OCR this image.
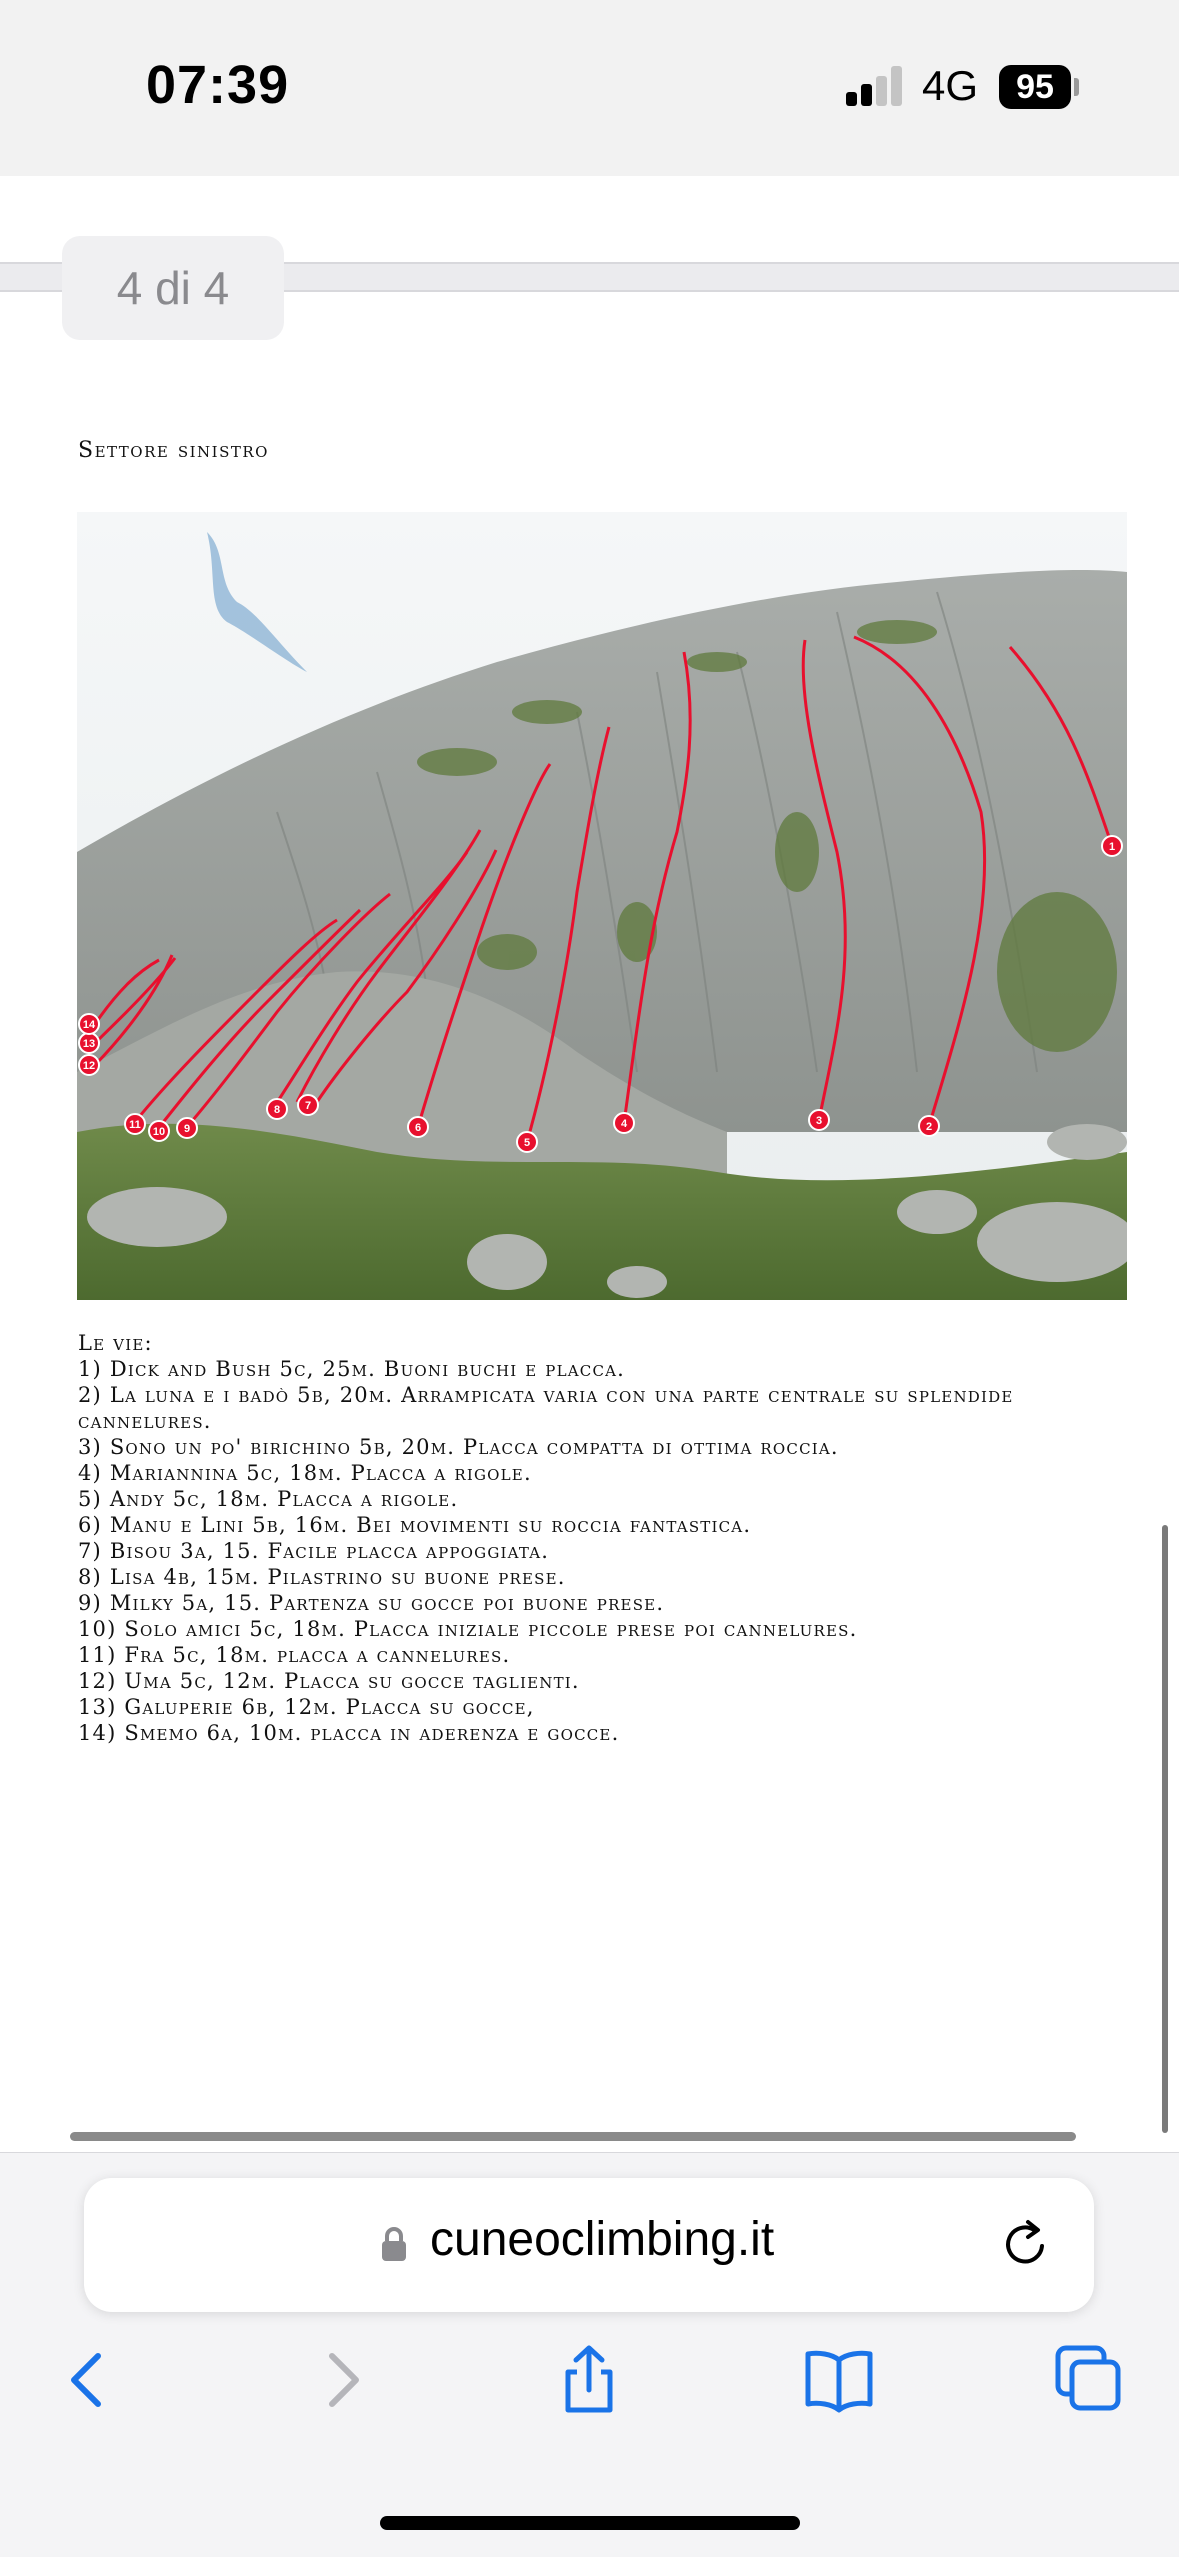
07:39	4G	95
4 di 4
Settore sinistro
1
2
3
4
5
6
7
8
9
10
11
12
13
14
Le vie:
1) Dick and Bush 5c, 25m. Buoni buchi e placca.
2) La luna e i badò 5b, 20m. Arrampicata varia con una parte centrale su splendide cannelures.
3) Sono un po' birichino 5b, 20m. Placca compatta di ottima roccia.
4) Mariannina 5c, 18m. Placca a rigole.
5) Andy 5c, 18m. Placca a rigole.
6) Manu e Lini 5b, 16m. Bei movimenti su roccia fantastica.
7) Bisou 3a, 15. Facile placca appoggiata.
8) Lisa 4b, 15m. Pilastrino su buone prese.
9) Milky 5a, 15. Partenza su gocce poi buone prese.
10) Solo amici 5c, 18m. Placca iniziale piccole prese poi cannelures.
11) Fra 5c, 18m. placca a cannelures.
12) Uma 5c, 12m. Placca su gocce taglienti.
13) Galuperie 6b, 12m. Placca su gocce,
14) Smemo 6a, 10m. placca in aderenza e gocce.
cuneoclimbing.it
